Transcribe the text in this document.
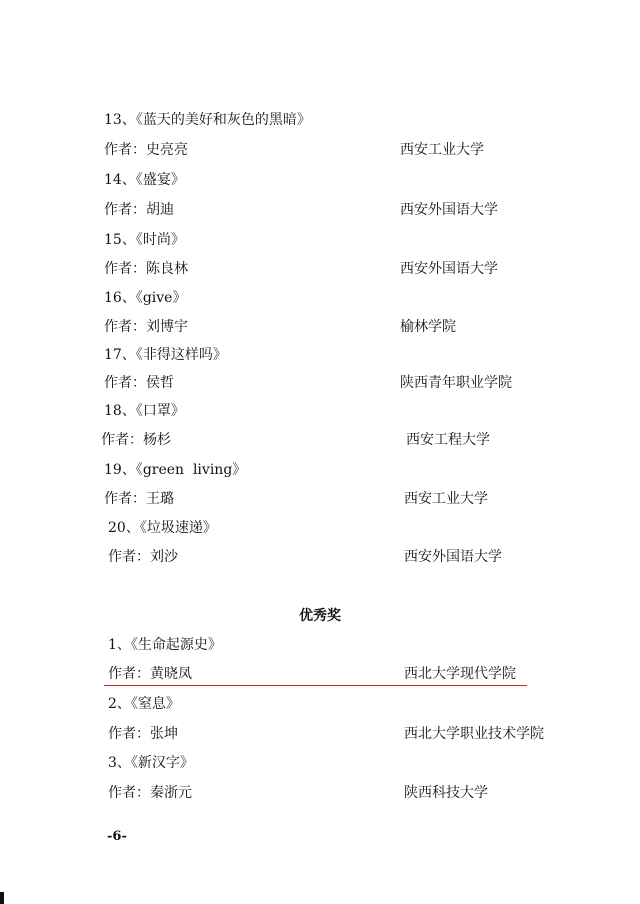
13、《蓝天的美好和灰色的黑暗》
作者：史亮亮	西安工业大学
14、《盛宴》
作者：胡迪	西安外国语大学
15、《时尚》
作者：陈良林	西安外国语大学
16、《give》
作者：刘博宇	榆林学院
17、《非得这样吗》
作者：侯哲	陕西青年职业学院
18、《口罩》
作者：杨杉	西安工程大学
19、《green  living》
作者：王璐	西安工业大学
20、《垃圾速递》
作者：刘沙	西安外国语大学
优秀奖
1、《生命起源史》
作者：黄晓凤	西北大学现代学院
2、《窒息》
作者：张坤	西北大学职业技术学院
3、《新汉字》
作者：秦浙元	陕西科技大学
-6-
